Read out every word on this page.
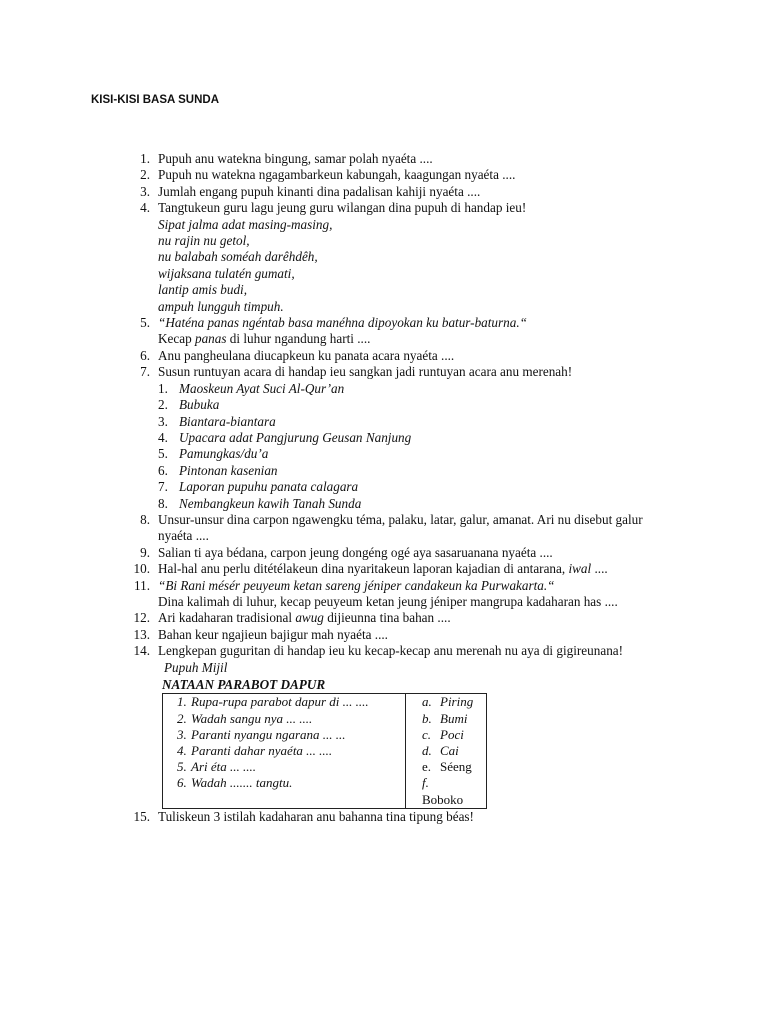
KISI-KISI BASA SUNDA
1. Pupuh anu watekna bingung, samar polah nyaéta ....
2. Pupuh nu watekna ngagambarkeun kabungah, kaagungan nyaéta ....
3. Jumlah engang pupuh kinanti dina padalisan kahiji nyaéta ....
4. Tangtukeun guru lagu jeung guru wilangan dina pupuh di handap ieu!
Sipat jalma adat masing-masing,
nu rajin nu getol,
nu balabah soméah darêhdêh,
wijaksana tulatén gumati,
lantip amis budi,
ampuh lungguh timpuh.
5. “Haténa panas ngéntab basa manéhna dipoyokan ku batur-baturna.“
Kecap panas di luhur ngandung harti ....
6. Anu pangheulana diucapkeun ku panata acara nyaéta ....
7. Susun runtuyan acara di handap ieu sangkan jadi runtuyan acara anu merenah!
1. Maoskeun Ayat Suci Al-Qur’an
2. Bubuka
3. Biantara-biantara
4. Upacara adat Pangjurung Geusan Nanjung
5. Pamungkas/du’a
6. Pintonan kasenian
7. Laporan pupuhu panata calagara
8. Nembangkeun kawih Tanah Sunda
8. Unsur-unsur dina carpon ngawengku téma, palaku, latar, galur, amanat. Ari nu disebut galur
nyaéta ....
9. Salian ti aya bédana, carpon jeung dongéng ogé aya sasaruanana nyaéta ....
10. Hal-hal anu perlu ditétélakeun dina nyaritakeun laporan kajadian di antarana, iwal ....
11. “Bi Rani mésér peuyeum ketan sareng jéniper candakeun ka Purwakarta.“
Dina kalimah di luhur, kecap peuyeum ketan jeung jéniper mangrupa kadaharan has ....
12. Ari kadaharan tradisional awug dijieunna tina bahan ....
13. Bahan keur ngajieun bajigur mah nyaéta ....
14. Lengkepan guguritan di handap ieu ku kecap-kecap anu merenah nu aya di gigireunana!
Pupuh Mijil
NATAAN PARABOT DAPUR
1. Rupa-rupa parabot dapur di ... ....
2. Wadah sangu nya ... ....
3. Paranti nyangu ngarana ... ...
4. Paranti dahar nyaéta ... ....
5. Ari éta ... ....
6. Wadah ....... tangtu.

a. Piring
b. Bumi
c. Poci
d. Cai
e. Séeng
f.Boboko
15. Tuliskeun 3 istilah kadaharan anu bahanna tina tipung béas!
